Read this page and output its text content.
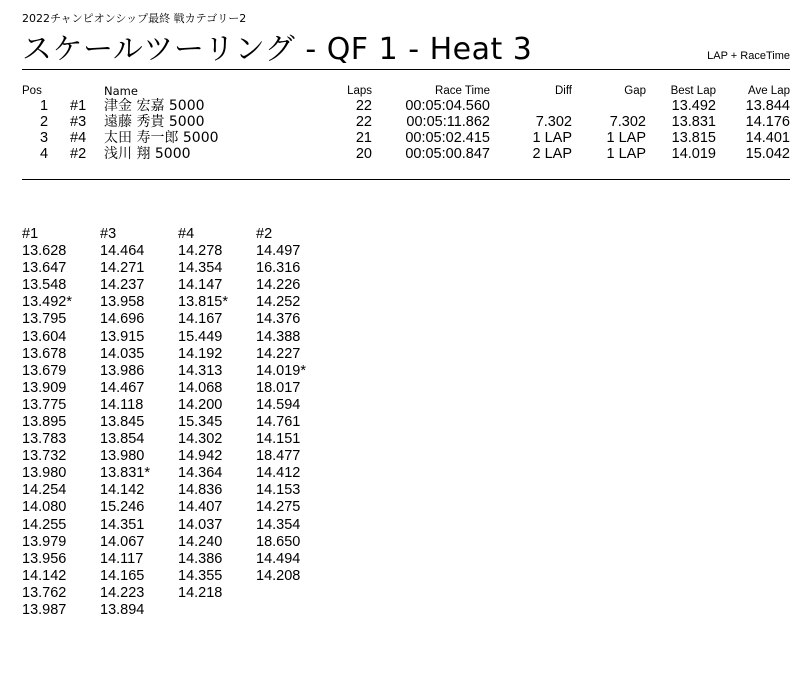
2022チャンピオンシップ最終 戦カテゴリー2
スケールツーリング - QF 1 - Heat 3	LAP + RaceTime
Pos		Name	Laps	Race Time	Diff	Gap	Best Lap	Ave Lap
1	#1	津金 宏嘉 5000	22	00:05:04.560			13.492	13.844
2	#3	遠藤 秀貴 5000	22	00:05:11.862	7.302	7.302	13.831	14.176
3	#4	太田 寿一郎 5000	21	00:05:02.415	1 LAP	1 LAP	13.815	14.401
4	#2	浅川 翔 5000	20	00:05:00.847	2 LAP	1 LAP	14.019	15.042
#1	#3	#4	#2
13.628	14.464	14.278	14.497
13.647	14.271	14.354	16.316
13.548	14.237	14.147	14.226
13.492*	13.958	13.815*	14.252
13.795	14.696	14.167	14.376
13.604	13.915	15.449	14.388
13.678	14.035	14.192	14.227
13.679	13.986	14.313	14.019*
13.909	14.467	14.068	18.017
13.775	14.118	14.200	14.594
13.895	13.845	15.345	14.761
13.783	13.854	14.302	14.151
13.732	13.980	14.942	18.477
13.980	13.831*	14.364	14.412
14.254	14.142	14.836	14.153
14.080	15.246	14.407	14.275
14.255	14.351	14.037	14.354
13.979	14.067	14.240	18.650
13.956	14.117	14.386	14.494
14.142	14.165	14.355	14.208
13.762	14.223	14.218	
13.987	13.894		
